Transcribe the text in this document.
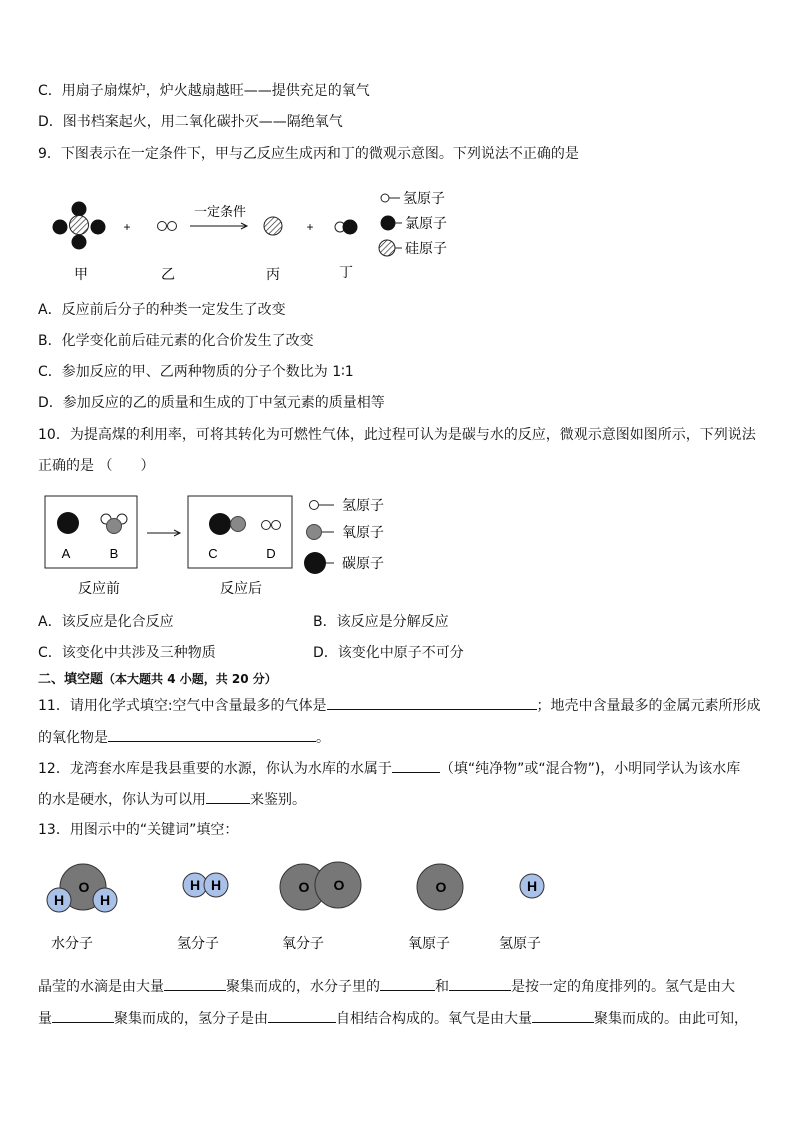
C．用扇子扇煤炉，炉火越扇越旺——提供充足的氧气
D．图书档案起火，用二氧化碳扑灭——隔绝氧气
9．下图表示在一定条件下，甲与乙反应生成丙和丁的微观示意图。下列说法不正确的是
+
一定条件
+
甲	乙	丙	丁
氢原子
氯原子
硅原子
A．反应前后分子的种类一定发生了改变
B．化学变化前后硅元素的化合价发生了改变
C．参加反应的甲、乙两种物质的分子个数比为 1∶1
D．参加反应的乙的质量和生成的丁中氢元素的质量相等
10．为提高煤的利用率，可将其转化为可燃性气体，此过程可认为是碳与水的反应，微观示意图如图所示，下列说法
正确的是 （　　）
A	B	C	D
反应前	反应后
氢原子
氧原子
碳原子
A．该反应是化合反应	B．该反应是分解反应
C．该变化中共涉及三种物质	D．该变化中原子不可分
二、填空题（本大题共 4 小题，共 20 分）
11．请用化学式填空:空气中含量最多的气体是	；地壳中含量最多的金属元素所形成
的氧化物是	。
12．龙湾套水库是我县重要的水源，你认为水库的水属于	（填“纯净物”或“混合物”)，小明同学认为该水库
的水是硬水，你认为可以用	来鉴别。
13．用图示中的“关键词”填空：
O
H	H
H H	O O	O	H
水分子	氢分子	氧分子	氧原子	氢原子
晶莹的水滴是由大量	聚集而成的，水分子里的	和	是按一定的角度排列的。氢气是由大
量	聚集而成的，氢分子是由	自相结合构成的。氧气是由大量	聚集而成的。由此可知，
